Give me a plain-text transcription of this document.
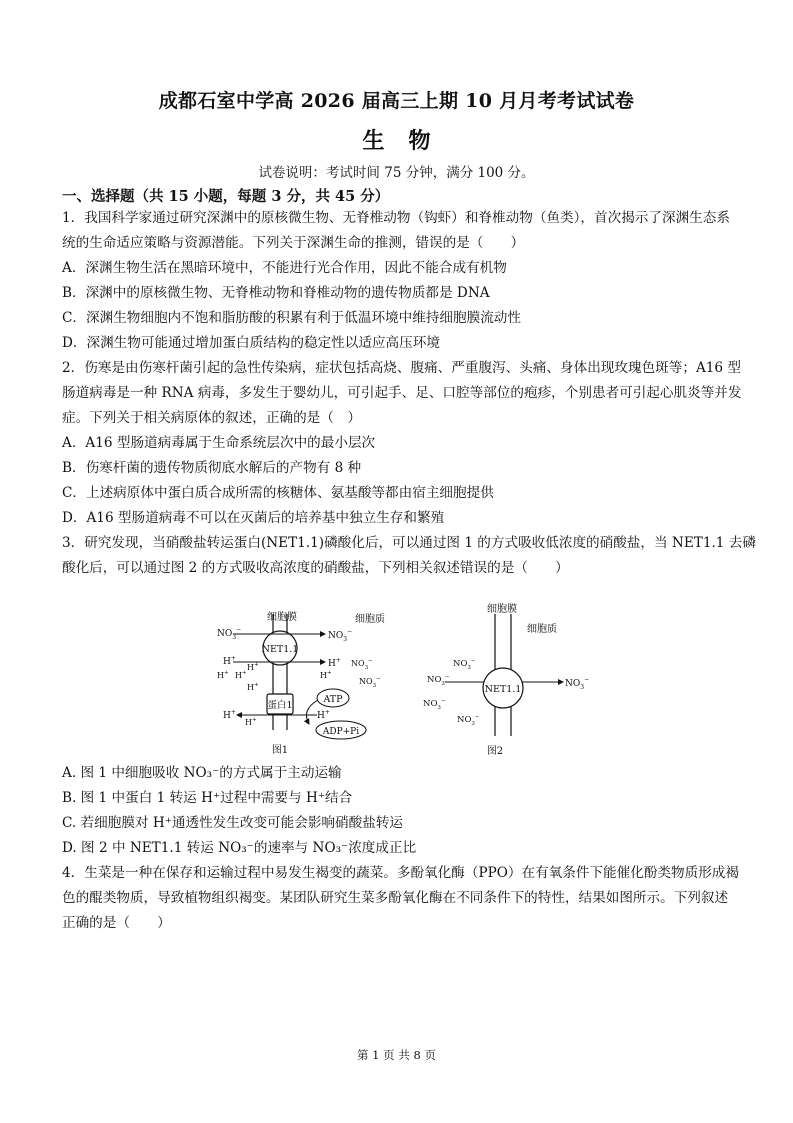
成都石室中学高 2026 届高三上期 10 月月考考试试卷
生物
试卷说明：考试时间 75 分钟，满分 100 分。
一、选择题（共 15 小题，每题 3 分，共 45 分）
1．我国科学家通过研究深渊中的原核微生物、无脊椎动物（钩虾）和脊椎动物（鱼类），首次揭示了深渊生态系
统的生命适应策略与资源潜能。下列关于深渊生命的推测，错误的是（　　）
A．深渊生物生活在黑暗环境中，不能进行光合作用，因此不能合成有机物
B．深渊中的原核微生物、无脊椎动物和脊椎动物的遗传物质都是 DNA
C．深渊生物细胞内不饱和脂肪酸的积累有利于低温环境中维持细胞膜流动性
D．深渊生物可能通过增加蛋白质结构的稳定性以适应高压环境
2．伤寒是由伤寒杆菌引起的急性传染病，症状包括高烧、腹痛、严重腹泻、头痛、身体出现玫瑰色斑等；A16 型
肠道病毒是一种 RNA 病毒，多发生于婴幼儿，可引起手、足、口腔等部位的疱疹，个别患者可引起心肌炎等并发
症。下列关于相关病原体的叙述，正确的是（　）
A．A16 型肠道病毒属于生命系统层次中的最小层次
B．伤寒杆菌的遗传物质彻底水解后的产物有 8 种
C．上述病原体中蛋白质合成所需的核糖体、氨基酸等都由宿主细胞提供
D．A16 型肠道病毒不可以在灭菌后的培养基中独立生存和繁殖
3．研究发现，当硝酸盐转运蛋白(NET1.1)磷酸化后，可以通过图 1 的方式吸收低浓度的硝酸盐，当 NET1.1 去磷
酸化后，可以通过图 2 的方式吸收高浓度的硝酸盐，下列相关叙述错误的是（　　）
NET1.1
蛋白1
细胞膜	细胞质
$NO_3^-$
$NO_3^-$
H+
H+
H+
H+ H+
H+
H+
$NO_3^-$
$NO_3^-$
H+	H+
H+
ATP
ADP+Pi
图1
细胞膜
细胞质
NET1.1	$NO_3^-$
$NO_3^-$
$NO_3^-$
$NO_3^-$
$NO_3^-$
图2
A. 图 1 中细胞吸收 NO₃⁻的方式属于主动运输
B. 图 1 中蛋白 1 转运 H⁺过程中需要与 H⁺结合
C. 若细胞膜对 H⁺通透性发生改变可能会影响硝酸盐转运
D. 图 2 中 NET1.1 转运 NO₃⁻的速率与 NO₃⁻浓度成正比
4．生菜是一种在保存和运输过程中易发生褐变的蔬菜。多酚氧化酶（PPO）在有氧条件下能催化酚类物质形成褐
色的醌类物质，导致植物组织褐变。某团队研究生菜多酚氧化酶在不同条件下的特性，结果如图所示。下列叙述
正确的是（　　）
第 1 页 共 8 页
